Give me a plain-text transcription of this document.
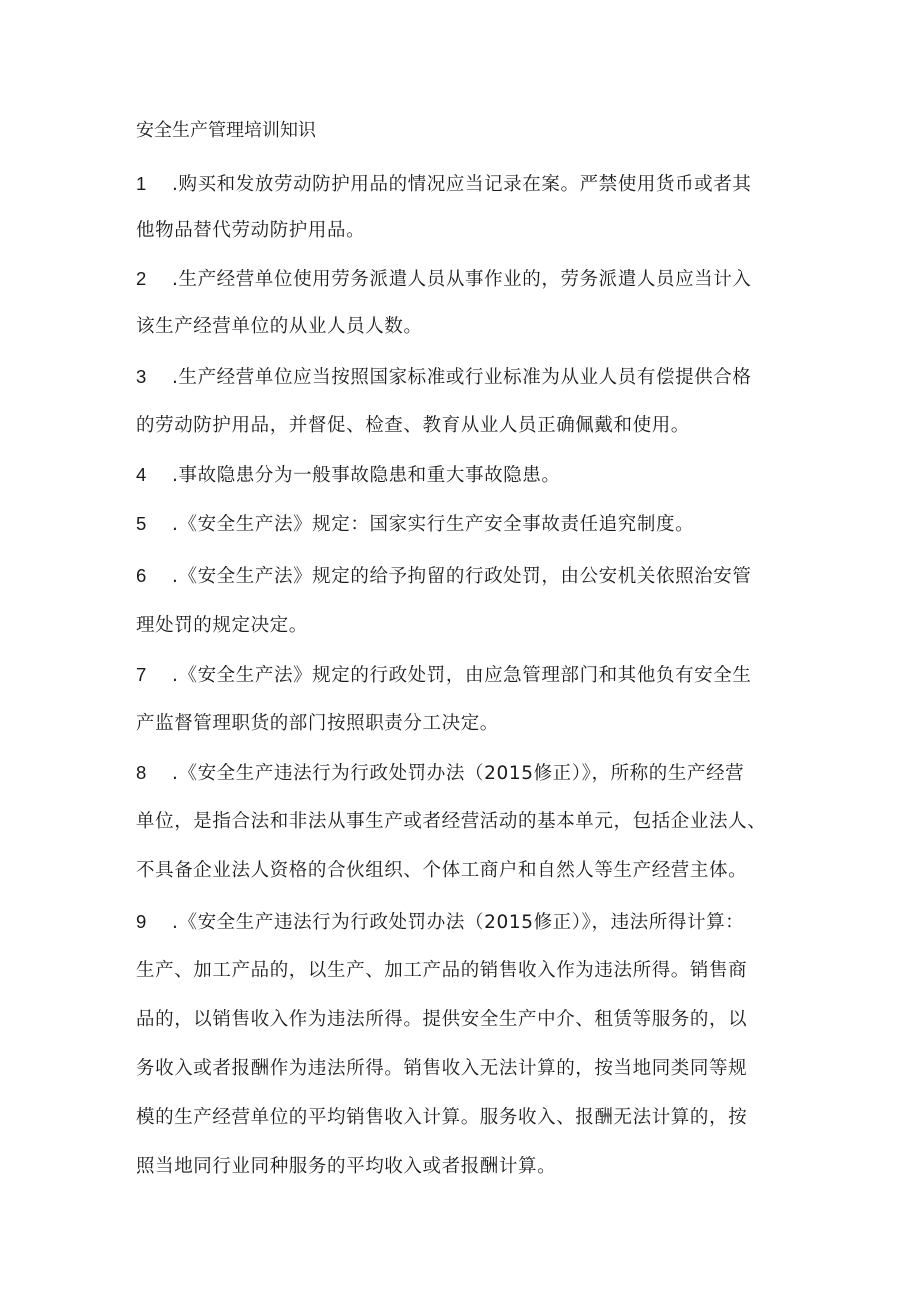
安全生产管理培训知识
1 .购买和发放劳动防护用品的情况应当记录在案。严禁使用货币或者其
他物品替代劳动防护用品。
2 .生产经营单位使用劳务派遣人员从事作业的，劳务派遣人员应当计入
该生产经营单位的从业人员人数。
3 .生产经营单位应当按照国家标准或行业标准为从业人员有偿提供合格
的劳动防护用品，并督促、检查、教育从业人员正确佩戴和使用。
4 .事故隐患分为一般事故隐患和重大事故隐患。
5 .《安全生产法》规定：国家实行生产安全事故责任追究制度。
6 .《安全生产法》规定的给予拘留的行政处罚，由公安机关依照治安管
理处罚的规定决定。
7 .《安全生产法》规定的行政处罚，由应急管理部门和其他负有安全生
产监督管理职货的部门按照职责分工决定。
8 .《安全生产违法行为行政处罚办法（2015修正）》，所称的生产经营
单位，是指合法和非法从事生产或者经营活动的基本单元，包括企业法人、
不具备企业法人资格的合伙组织、个体工商户和自然人等生产经营主体。
9 .《安全生产违法行为行政处罚办法（2015修正）》，违法所得计算：
生产、加工产品的，以生产、加工产品的销售收入作为违法所得。销售商
品的，以销售收入作为违法所得。提供安全生产中介、租赁等服务的，以
务收入或者报酬作为违法所得。销售收入无法计算的，按当地同类同等规
模的生产经营单位的平均销售收入计算。服务收入、报酬无法计算的，按
照当地同行业同种服务的平均收入或者报酬计算。
